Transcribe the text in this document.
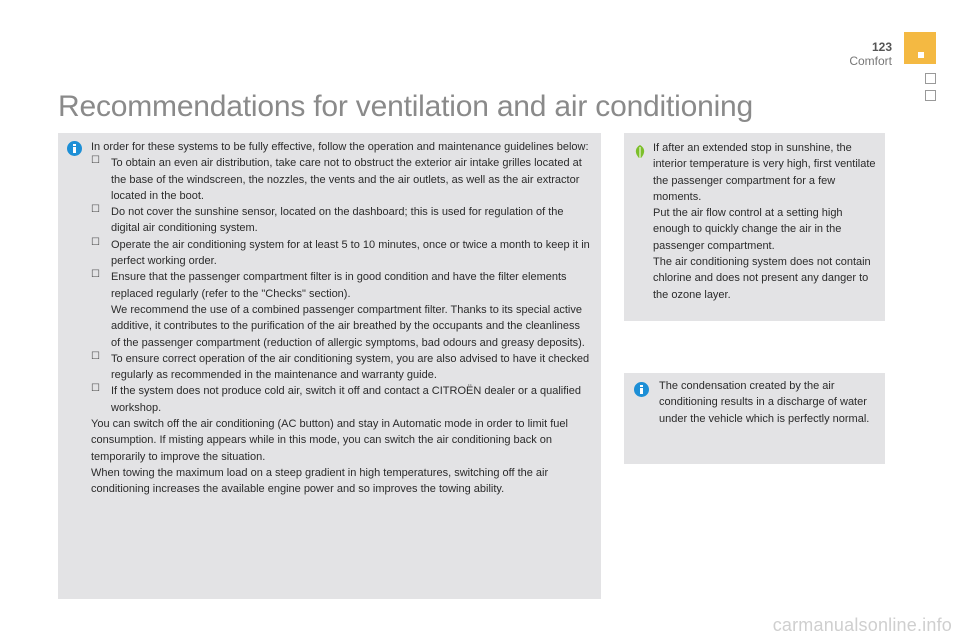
123
Comfort
Recommendations for ventilation and air conditioning

In order for these systems to be fully effective, follow the operation and maintenance guidelines below:

☐ To obtain an even air distribution, take care not to obstruct the exterior air intake grilles located at the base of the windscreen, the nozzles, the vents and the air outlets, as well as the air extractor located in the boot.

☐ Do not cover the sunshine sensor, located on the dashboard; this is used for regulation of the digital air conditioning system.

☐ Operate the air conditioning system for at least 5 to 10 minutes, once or twice a month to keep it in perfect working order.

☐ Ensure that the passenger compartment filter is in good condition and have the filter elements replaced regularly (refer to the "Checks" section).

We recommend the use of a combined passenger compartment filter. Thanks to its special active additive, it contributes to the purification of the air breathed by the occupants and the cleanliness of the passenger compartment (reduction of allergic symptoms, bad odours and greasy deposits).

☐ To ensure correct operation of the air conditioning system, you are also advised to have it checked regularly as recommended in the maintenance and warranty guide.

☐ If the system does not produce cold air, switch it off and contact a CITROËN dealer or a qualified workshop.

You can switch off the air conditioning (AC button) and stay in Automatic mode in order to limit fuel consumption. If misting appears while in this mode, you can switch the air conditioning back on temporarily to improve the situation.

When towing the maximum load on a steep gradient in high temperatures, switching off the air conditioning increases the available engine power and so improves the towing ability.

If after an extended stop in sunshine, the interior temperature is very high, first ventilate the passenger compartment for a few moments.

Put the air flow control at a setting high enough to quickly change the air in the passenger compartment.

The air conditioning system does not contain chlorine and does not present any danger to the ozone layer.

The condensation created by the air conditioning results in a discharge of water under the vehicle which is perfectly normal.

carmanualsonline.info
